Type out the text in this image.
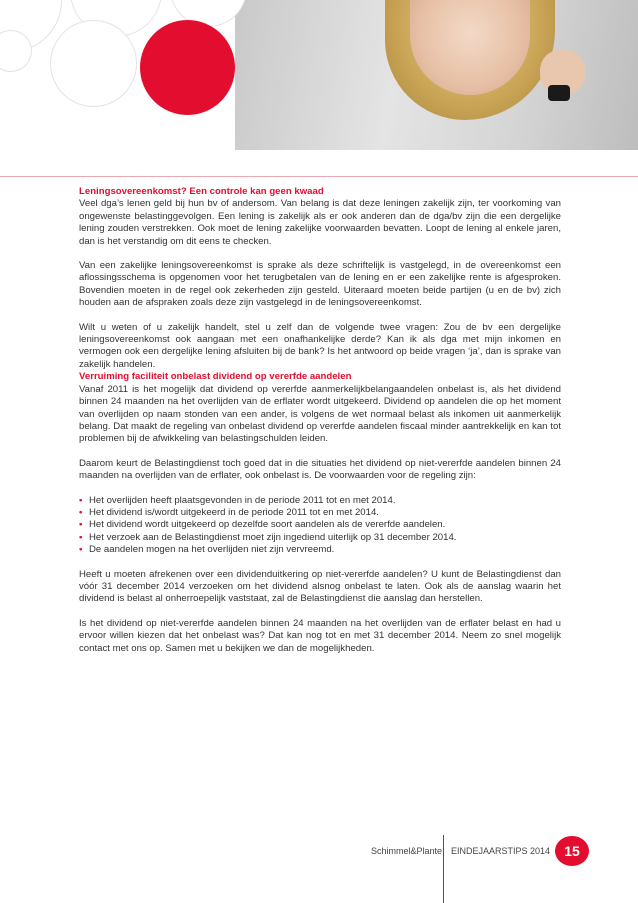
Leningsovereenkomst? Een controle kan geen kwaad

Veel dga’s lenen geld bij hun bv of andersom. Van belang is dat deze leningen zakelijk zijn, ter voorkoming van ongewenste belastinggevolgen. Een lening is zakelijk als er ook anderen dan de dga/bv zijn die een dergelijke lening zouden verstrekken. Ook moet de lening zakelijke voorwaarden bevatten. Loopt de lening al enkele jaren, dan is het verstandig om dit eens te checken.

Van een zakelijke leningsovereenkomst is sprake als deze schriftelijk is vastgelegd, in de overeenkomst een aflossingsschema is opgenomen voor het terugbetalen van de lening en er een zakelijke rente is afgesproken. Bovendien moeten in de regel ook zekerheden zijn gesteld. Uiteraard moeten beide partijen (u en de bv) zich houden aan de afspraken zoals deze zijn vastgelegd in de leningsovereenkomst.

Wilt u weten of u zakelijk handelt, stel u zelf dan de volgende twee vragen: Zou de bv een dergelijke leningsovereenkomst ook aangaan met een onafhankelijke derde? Kan ik als dga met mijn inkomen en vermogen ook een dergelijke lening afsluiten bij de bank? Is het antwoord op beide vragen ‘ja’, dan is sprake van zakelijk handelen.

Verruiming faciliteit onbelast dividend op vererfde aandelen

Vanaf 2011 is het mogelijk dat dividend op vererfde aanmerkelijkbelangaandelen onbelast is, als het dividend binnen 24 maanden na het overlijden van de erflater wordt uitgekeerd. Dividend op aandelen die op het moment van overlijden op naam stonden van een ander, is volgens de wet normaal belast als inkomen uit aanmerkelijk belang. Dat maakt de regeling van onbelast dividend op vererfde aandelen fiscaal minder aantrekkelijk en kan tot problemen bij de afwikkeling van belastingschulden leiden.

Daarom keurt de Belastingdienst toch goed dat in die situaties het dividend op niet-vererfde aandelen binnen 24 maanden na overlijden van de erflater, ook onbelast is. De voorwaarden voor de regeling zijn:

• Het overlijden heeft plaatsgevonden in de periode 2011 tot en met 2014.
• Het dividend is/wordt uitgekeerd in de periode 2011 tot en met 2014.
• Het dividend wordt uitgekeerd op dezelfde soort aandelen als de vererfde aandelen.
• Het verzoek aan de Belastingdienst moet zijn ingediend uiterlijk op 31 december 2014.
• De aandelen mogen na het overlijden niet zijn vervreemd.

Heeft u moeten afrekenen over een dividenduitkering op niet-vererfde aandelen? U kunt de Belastingdienst dan vóór 31 december 2014 verzoeken om het dividend alsnog onbelast te laten. Ook als de aanslag waarin het dividend is belast al onherroepelijk vaststaat, zal de Belastingdienst die aanslag dan herstellen.

Is het dividend op niet-vererfde aandelen binnen 24 maanden na het overlijden van de erflater belast en had u ervoor willen kiezen dat het onbelast was? Dat kan nog tot en met 31 december 2014. Neem zo snel mogelijk contact met ons op. Samen met u bekijken we dan de mogelijkheden.

Schimmel&Plante EINDEJAARSTIPS 2014	15
